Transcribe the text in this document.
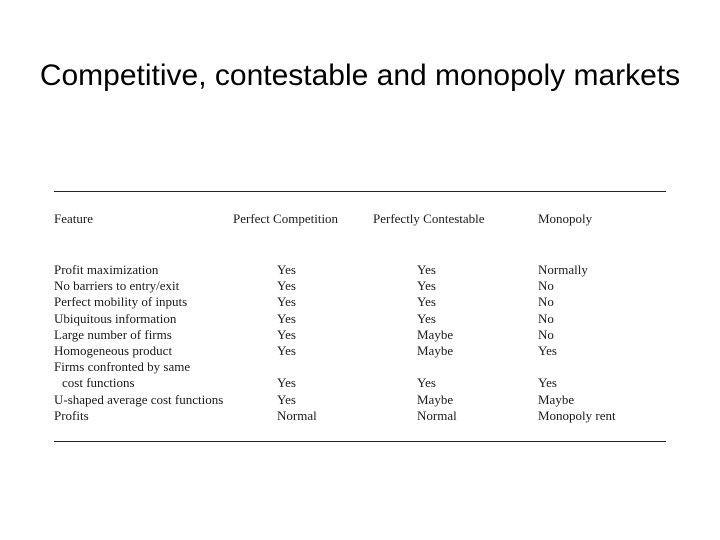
Competitive, contestable and monopoly markets
Feature	Perfect Competition	Perfectly Contestable	Monopoly
Profit maximization	Yes	Yes	Normally
No barriers to entry/exit	Yes	Yes	No
Perfect mobility of inputs	Yes	Yes	No
Ubiquitous information	Yes	Yes	No
Large number of firms	Yes	Maybe	No
Homogeneous product	Yes	Maybe	Yes
Firms confronted by same
cost functions	Yes	Yes	Yes
U-shaped average cost functions	Yes	Maybe	Maybe
Profits	Normal	Normal	Monopoly rent
